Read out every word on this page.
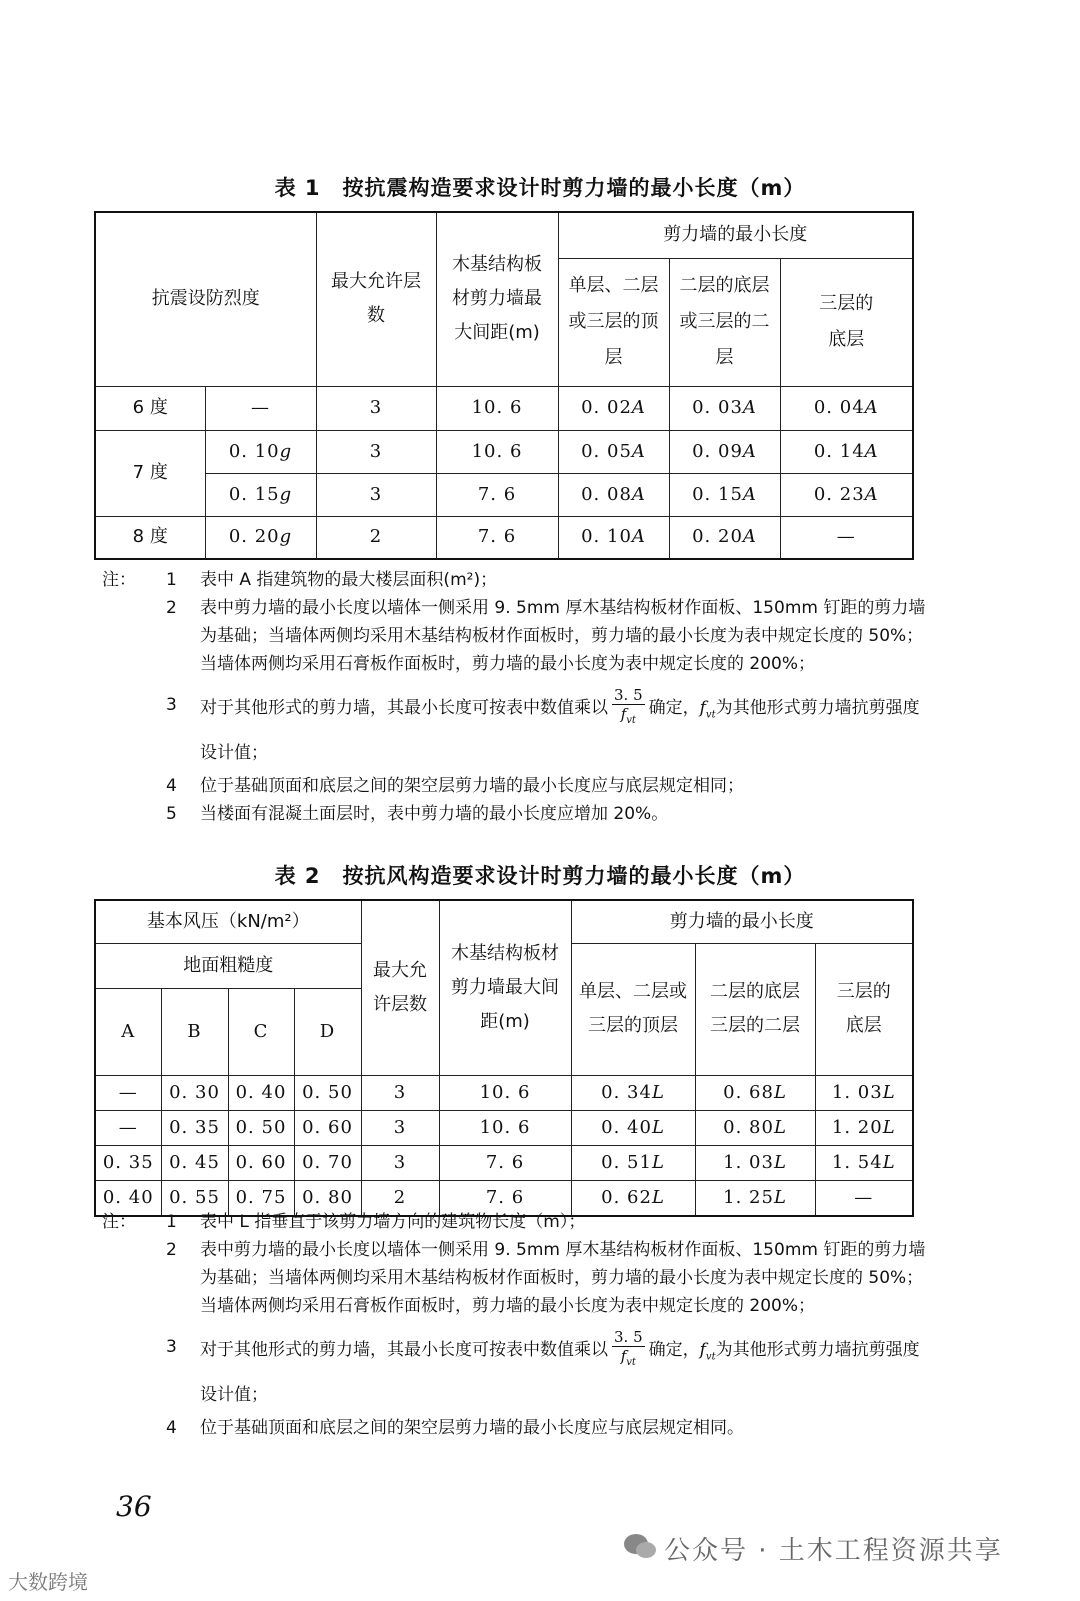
表 1　按抗震构造要求设计时剪力墙的最小长度（m）
抗震设防烈度		最大允许层数	木基结构板材剪力墙最大间距(m)	剪力墙的最小长度		
				单层、二层或三层的顶层	二层的底层或三层的二层	三层的底层
6 度	—	3	10. 6	0. 02A	0. 03A	0. 04A
7 度	0. 10g	3	10. 6	0. 05A	0. 09A	0. 14A
	0. 15g	3	7. 6	0. 08A	0. 15A	0. 23A
8 度	0. 20g	2	7. 6	0. 10A	0. 20A	—
注： 1 表中 A 指建筑物的最大楼层面积(m²)；
2 表中剪力墙的最小长度以墙体一侧采用 9. 5mm 厚木基结构板材作面板、150mm 钉距的剪力墙为基础；当墙体两侧均采用木基结构板材作面板时，剪力墙的最小长度为表中规定长度的 50%；当墙体两侧均采用石膏板作面板时，剪力墙的最小长度为表中规定长度的 200%；
3 对于其他形式的剪力墙，其最小长度可按表中数值乘以 $\frac{3. 5}{f_{vt}}$ 确定，$f_{vt}$为其他形式剪力墙抗剪强度设计值；
4 位于基础顶面和底层之间的架空层剪力墙的最小长度应与底层规定相同；
5 当楼面有混凝土面层时，表中剪力墙的最小长度应增加 20%。
表 2　按抗风构造要求设计时剪力墙的最小长度（m）
基本风压（kN/m²）				最大允许层数	木基结构板材剪力墙最大间距(m)	剪力墙的最小长度		
地面粗糙度						单层、二层或三层的顶层	二层的底层三层的二层	三层的底层
A	B	C	D					
—	0. 30	0. 40	0. 50	3	10. 6	0. 34L	0. 68L	1. 03L
—	0. 35	0. 50	0. 60	3	10. 6	0. 40L	0. 80L	1. 20L
0. 35	0. 45	0. 60	0. 70	3	7. 6	0. 51L	1. 03L	1. 54L
0. 40	0. 55	0. 75	0. 80	2	7. 6	0. 62L	1. 25L	—
注： 1 表中 L 指垂直于该剪力墙方向的建筑物长度（m）；
2 表中剪力墙的最小长度以墙体一侧采用 9. 5mm 厚木基结构板材作面板、150mm 钉距的剪力墙为基础；当墙体两侧均采用木基结构板材作面板时，剪力墙的最小长度为表中规定长度的 50%；当墙体两侧均采用石膏板作面板时，剪力墙的最小长度为表中规定长度的 200%；
3 对于其他形式的剪力墙，其最小长度可按表中数值乘以 $\frac{3. 5}{f_{vt}}$ 确定，$f_{vt}$为其他形式剪力墙抗剪强度设计值；
4 位于基础顶面和底层之间的架空层剪力墙的最小长度应与底层规定相同。
36
公众号 · 土木工程资源共享
大数跨境
